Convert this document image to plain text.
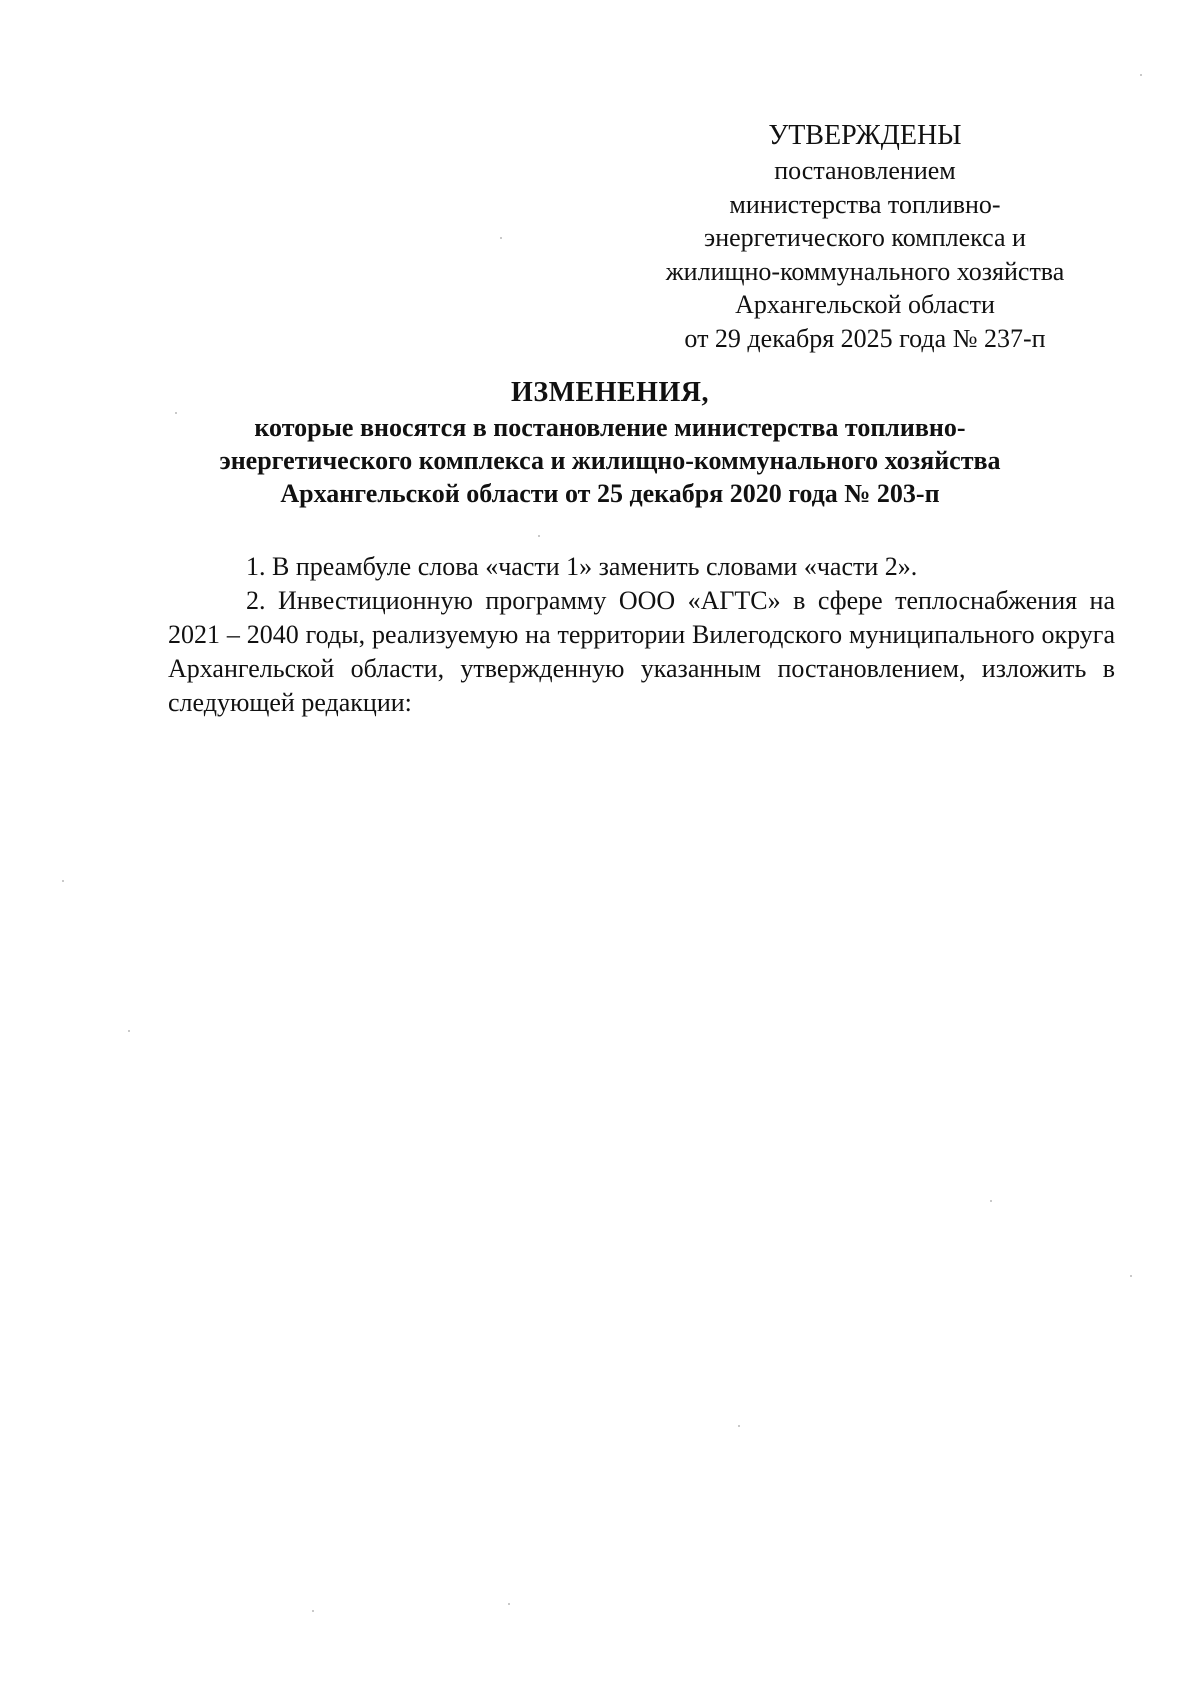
УТВЕРЖДЕНЫ
постановлением
министерства топливно-
энергетического комплекса и
жилищно-коммунального хозяйства
Архангельской области
от 29 декабря 2025 года № 237-п
ИЗМЕНЕНИЯ,
которые вносятся в постановление министерства топливно-
энергетического комплекса и жилищно-коммунального хозяйства
Архангельской области от 25 декабря 2020 года № 203-п

1. В преамбуле слова «части 1» заменить словами «части 2».

2. Инвестиционную программу ООО «АГТС» в сфере теплоснабжения на 2021 – 2040 годы, реализуемую на территории Вилегодского муниципального округа Архангельской области, утвержденную указанным постановлением, изложить в следующей редакции:
